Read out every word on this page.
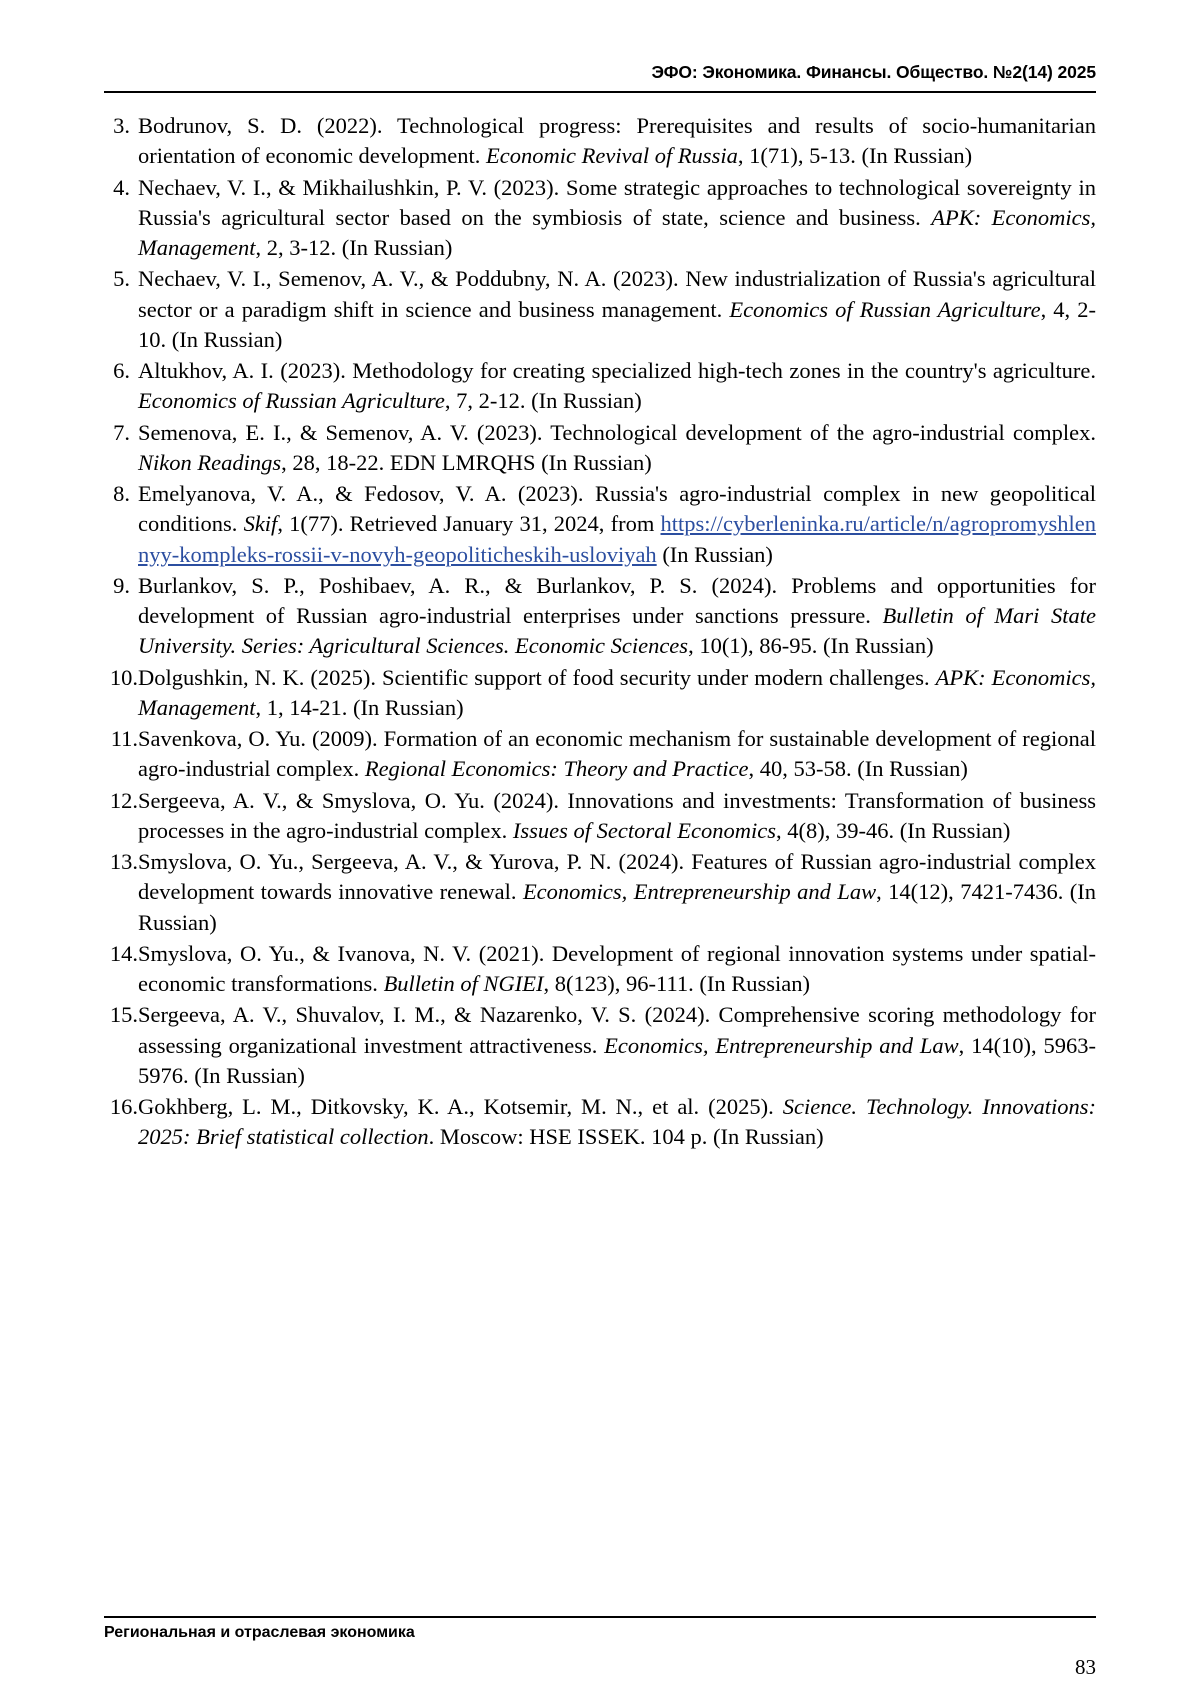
ЭФО: Экономика. Финансы. Общество. №2(14) 2025
3. Bodrunov, S. D. (2022). Technological progress: Prerequisites and results of socio-humanitarian orientation of economic development. Economic Revival of Russia, 1(71), 5-13. (In Russian)
4. Nechaev, V. I., & Mikhailushkin, P. V. (2023). Some strategic approaches to technological sovereignty in Russia's agricultural sector based on the symbiosis of state, science and business. APK: Economics, Management, 2, 3-12. (In Russian)
5. Nechaev, V. I., Semenov, A. V., & Poddubny, N. A. (2023). New industrialization of Russia's agricultural sector or a paradigm shift in science and business management. Economics of Russian Agriculture, 4, 2-10. (In Russian)
6. Altukhov, A. I. (2023). Methodology for creating specialized high-tech zones in the country's agriculture. Economics of Russian Agriculture, 7, 2-12. (In Russian)
7. Semenova, E. I., & Semenov, A. V. (2023). Technological development of the agro-industrial complex. Nikon Readings, 28, 18-22. EDN LMRQHS (In Russian)
8. Emelyanova, V. A., & Fedosov, V. A. (2023). Russia's agro-industrial complex in new geopolitical conditions. Skif, 1(77). Retrieved January 31, 2024, from https://cyberleninka.ru/article/n/agropromyshlennyy-kompleks-rossii-v-novyh-geopoliticheskih-usloviyah (In Russian)
9. Burlankov, S. P., Poshibaev, A. R., & Burlankov, P. S. (2024). Problems and opportunities for development of Russian agro-industrial enterprises under sanctions pressure. Bulletin of Mari State University. Series: Agricultural Sciences. Economic Sciences, 10(1), 86-95. (In Russian)
10. Dolgushkin, N. K. (2025). Scientific support of food security under modern challenges. APK: Economics, Management, 1, 14-21. (In Russian)
11. Savenkova, O. Yu. (2009). Formation of an economic mechanism for sustainable development of regional agro-industrial complex. Regional Economics: Theory and Practice, 40, 53-58. (In Russian)
12. Sergeeva, A. V., & Smyslova, O. Yu. (2024). Innovations and investments: Transformation of business processes in the agro-industrial complex. Issues of Sectoral Economics, 4(8), 39-46. (In Russian)
13. Smyslova, O. Yu., Sergeeva, A. V., & Yurova, P. N. (2024). Features of Russian agro-industrial complex development towards innovative renewal. Economics, Entrepreneurship and Law, 14(12), 7421-7436. (In Russian)
14. Smyslova, O. Yu., & Ivanova, N. V. (2021). Development of regional innovation systems under spatial-economic transformations. Bulletin of NGIEI, 8(123), 96-111. (In Russian)
15. Sergeeva, A. V., Shuvalov, I. M., & Nazarenko, V. S. (2024). Comprehensive scoring methodology for assessing organizational investment attractiveness. Economics, Entrepreneurship and Law, 14(10), 5963-5976. (In Russian)
16. Gokhberg, L. M., Ditkovsky, K. A., Kotsemir, M. N., et al. (2025). Science. Technology. Innovations: 2025: Brief statistical collection. Moscow: HSE ISSEK. 104 p. (In Russian)
Региональная и отраслевая экономика
83
